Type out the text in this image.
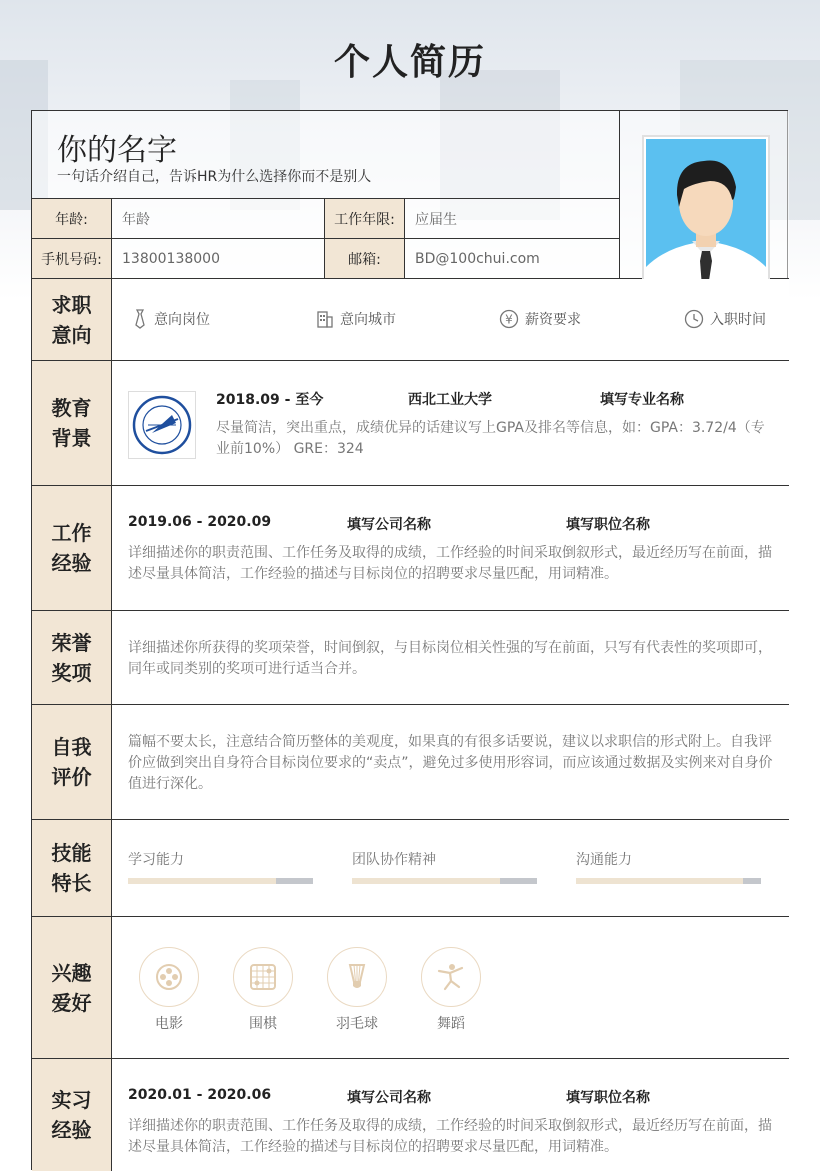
个人简历
你的名字
一句话介绍自己，告诉HR为什么选择你而不是别人
年龄:	年龄	工作年限:	应届生
手机号码:	13800138000	邮箱:	BD@100chui.com
求职意向
意向岗位	意向城市	¥ 薪资要求	入职时间
教育背景
2018.09 - 至今	西北工业大学	填写专业名称
尽量简洁，突出重点，成绩优异的话建议写上GPA及排名等信息，如：GPA：3.72/4（专业前10%） GRE：324
工作经验
2019.06 - 2020.09	填写公司名称	填写职位名称
详细描述你的职责范围、工作任务及取得的成绩，工作经验的时间采取倒叙形式，最近经历写在前面，描述尽量具体简洁，工作经验的描述与目标岗位的招聘要求尽量匹配，用词精准。
荣誉奖项
详细描述你所获得的奖项荣誉，时间倒叙，与目标岗位相关性强的写在前面，只写有代表性的奖项即可，同年或同类别的奖项可进行适当合并。
自我评价
篇幅不要太长，注意结合简历整体的美观度，如果真的有很多话要说，建议以求职信的形式附上。自我评价应做到突出自身符合目标岗位要求的“卖点”，避免过多使用形容词，而应该通过数据及实例来对自身价值进行深化。
技能特长
学习能力	团队协作精神	沟通能力
兴趣爱好
电影	围棋	羽毛球	舞蹈
实习经验
2020.01 - 2020.06	填写公司名称	填写职位名称
详细描述你的职责范围、工作任务及取得的成绩，工作经验的时间采取倒叙形式，最近经历写在前面，描述尽量具体简洁，工作经验的描述与目标岗位的招聘要求尽量匹配，用词精准。
